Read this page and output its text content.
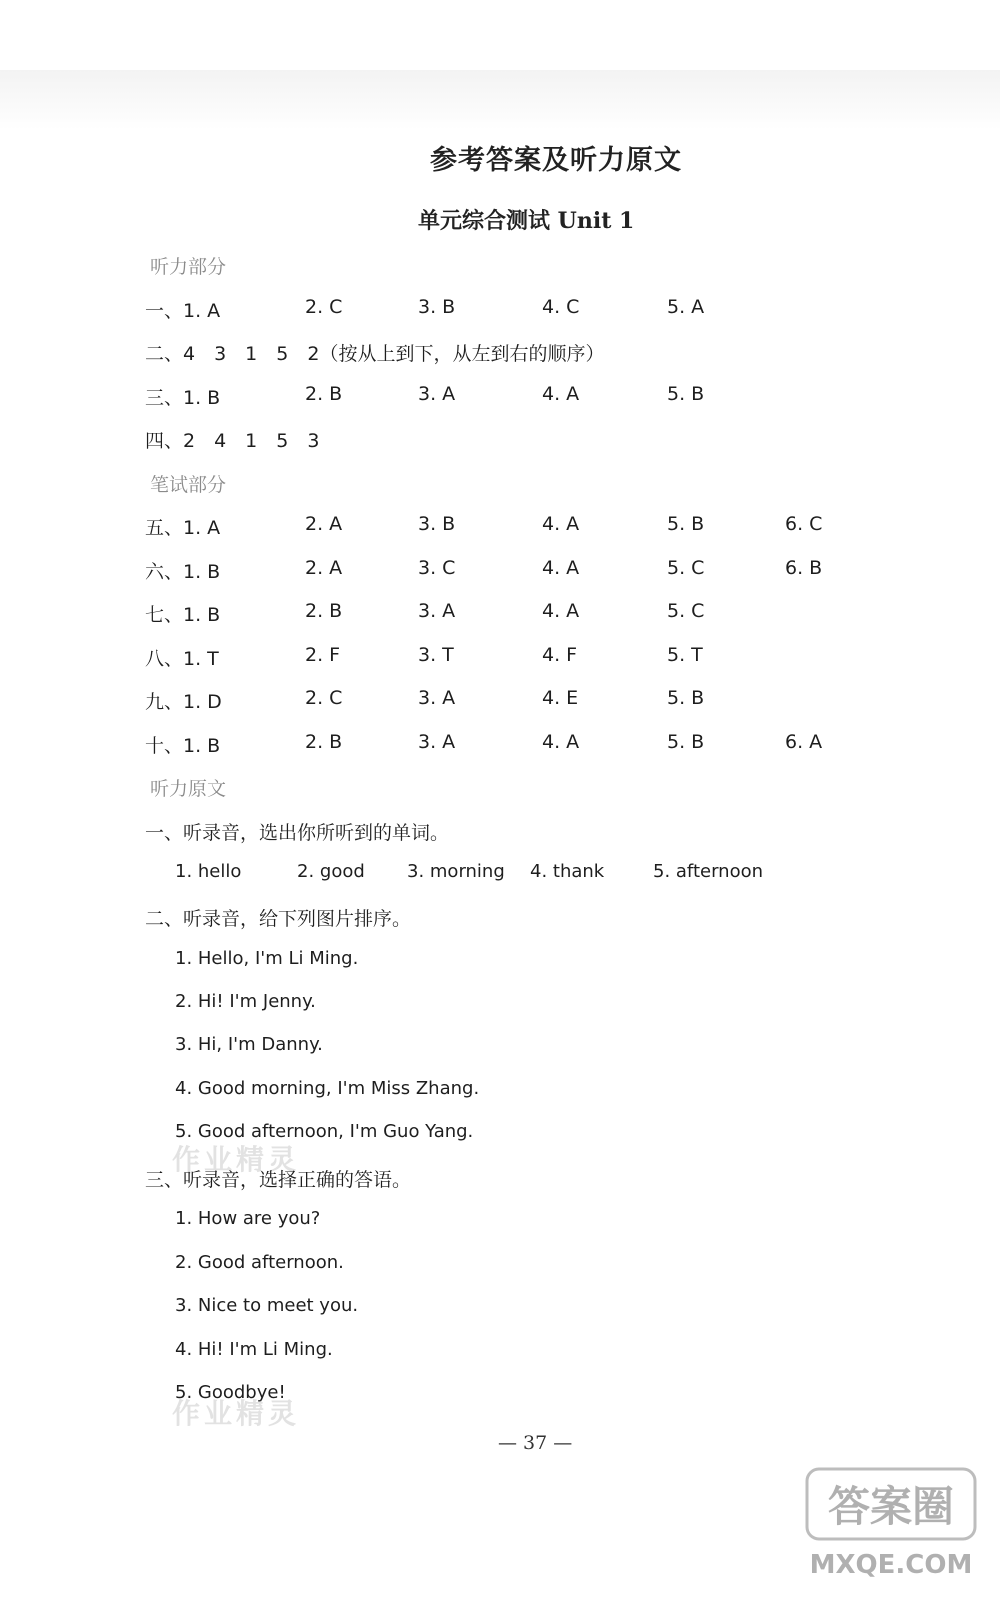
参考答案及听力原文
单元综合测试 Unit 1
听力部分
一、1. A	2. C	3. B	4. C	5. A
二、4　3　1　5　2（按从上到下，从左到右的顺序）
三、1. B	2. B	3. A	4. A	5. B
四、2　4　1　5　3
笔试部分
五、1. A	2. A	3. B	4. A	5. B	6. C
六、1. B	2. A	3. C	4. A	5. C	6. B
七、1. B	2. B	3. A	4. A	5. C
八、1. T	2. F	3. T	4. F	5. T
九、1. D	2. C	3. A	4. E	5. B
十、1. B	2. B	3. A	4. A	5. B	6. A
听力原文
一、听录音，选出你所听到的单词。
1. hello	2. good 3. morning 4. thank	5. afternoon
二、听录音，给下列图片排序。
1. Hello, I'm Li Ming.
2. Hi! I'm Jenny.
3. Hi, I'm Danny.
4. Good morning, I'm Miss Zhang.
5. Good afternoon, I'm Guo Yang.
作业精灵
三、听录音，选择正确的答语。
1. How are you?
2. Good afternoon.
3. Nice to meet you.
4. Hi! I'm Li Ming.
5. Goodbye!
作业精灵
— 37 —
答案圈
MXQE.COM
